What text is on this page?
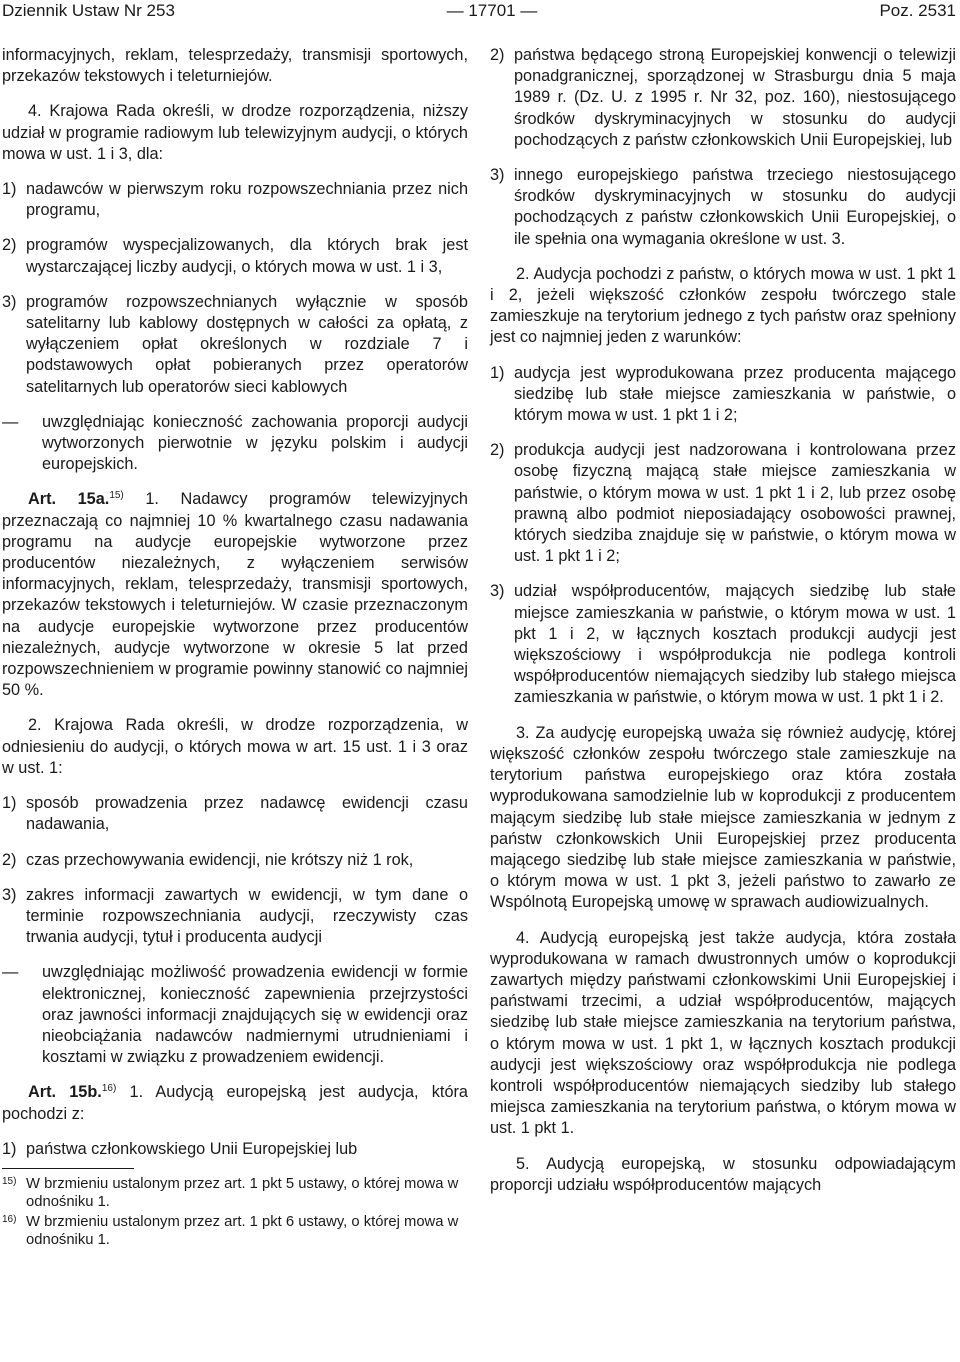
Dziennik Ustaw Nr 253	— 17701 —	Poz. 2531

informacyjnych, reklam, telesprzedaży, transmisji sportowych, przekazów tekstowych i teleturniejów.

4. Krajowa Rada określi, w drodze rozporządzenia, niższy udział w programie radiowym lub telewizyjnym audycji, o których mowa w ust. 1 i 3, dla:

1) nadawców w pierwszym roku rozpowszechniania przez nich programu,
2) programów wyspecjalizowanych, dla których brak jest wystarczającej liczby audycji, o których mowa w ust. 1 i 3,
3) programów rozpowszechnianych wyłącznie w sposób satelitarny lub kablowy dostępnych w całości za opłatą, z wyłączeniem opłat określonych w rozdziale 7 i podstawowych opłat pobieranych przez operatorów satelitarnych lub operatorów sieci kablowych
—	uwzględniając konieczność zachowania proporcji audycji wytworzonych pierwotnie w języku polskim i audycji europejskich.

Art. 15a.$^{15)}$ 1. Nadawcy programów telewizyjnych przeznaczają co najmniej 10 % kwartalnego czasu nadawania programu na audycje europejskie wytworzone przez producentów niezależnych, z wyłączeniem serwisów informacyjnych, reklam, telesprzedaży, transmisji sportowych, przekazów tekstowych i teleturniejów. W czasie przeznaczonym na audycje europejskie wytworzone przez producentów niezależnych, audycje wytworzone w okresie 5 lat przed rozpowszechnieniem w programie powinny stanowić co najmniej 50 %.

2. Krajowa Rada określi, w drodze rozporządzenia, w odniesieniu do audycji, o których mowa w art. 15 ust. 1 i 3 oraz w ust. 1:

1) sposób prowadzenia przez nadawcę ewidencji czasu nadawania,
2) czas przechowywania ewidencji, nie krótszy niż 1 rok,
3) zakres informacji zawartych w ewidencji, w tym dane o terminie rozpowszechniania audycji, rzeczywisty czas trwania audycji, tytuł i producenta audycji
—	uwzględniając możliwość prowadzenia ewidencji w formie elektronicznej, konieczność zapewnienia przejrzystości oraz jawności informacji znajdujących się w ewidencji oraz nieobciążania nadawców nadmiernymi utrudnieniami i kosztami w związku z prowadzeniem ewidencji.

Art. 15b.$^{16)}$ 1. Audycją europejską jest audycja, która pochodzi z:

1) państwa członkowskiego Unii Europejskiej lub
15) W brzmieniu ustalonym przez art. 1 pkt 5 ustawy, o której mowa w odnośniku 1.
16) W brzmieniu ustalonym przez art. 1 pkt 6 ustawy, o której mowa w odnośniku 1.
2) państwa będącego stroną Europejskiej konwencji o telewizji ponadgranicznej, sporządzonej w Strasburgu dnia 5 maja 1989 r. (Dz. U. z 1995 r. Nr 32, poz. 160), niestosującego środków dyskryminacyjnych w stosunku do audycji pochodzących z państw członkowskich Unii Europejskiej, lub
3) innego europejskiego państwa trzeciego niestosującego środków dyskryminacyjnych w stosunku do audycji pochodzących z państw członkowskich Unii Europejskiej, o ile spełnia ona wymagania określone w ust. 3.

2. Audycja pochodzi z państw, o których mowa w ust. 1 pkt 1 i 2, jeżeli większość członków zespołu twórczego stale zamieszkuje na terytorium jednego z tych państw oraz spełniony jest co najmniej jeden z warunków:

1) audycja jest wyprodukowana przez producenta mającego siedzibę lub stałe miejsce zamieszkania w państwie, o którym mowa w ust. 1 pkt 1 i 2;
2) produkcja audycji jest nadzorowana i kontrolowana przez osobę fizyczną mającą stałe miejsce zamieszkania w państwie, o którym mowa w ust. 1 pkt 1 i 2, lub przez osobę prawną albo podmiot nieposiadający osobowości prawnej, których siedziba znajduje się w państwie, o którym mowa w ust. 1 pkt 1 i 2;
3) udział współproducentów, mających siedzibę lub stałe miejsce zamieszkania w państwie, o którym mowa w ust. 1 pkt 1 i 2, w łącznych kosztach produkcji audycji jest większościowy i współprodukcja nie podlega kontroli współproducentów niemających siedziby lub stałego miejsca zamieszkania w państwie, o którym mowa w ust. 1 pkt 1 i 2.

3. Za audycję europejską uważa się również audycję, której większość członków zespołu twórczego stale zamieszkuje na terytorium państwa europejskiego oraz która została wyprodukowana samodzielnie lub w koprodukcji z producentem mającym siedzibę lub stałe miejsce zamieszkania w jednym z państw członkowskich Unii Europejskiej przez producenta mającego siedzibę lub stałe miejsce zamieszkania w państwie, o którym mowa w ust. 1 pkt 3, jeżeli państwo to zawarło ze Wspólnotą Europejską umowę w sprawach audiowizualnych.

4. Audycją europejską jest także audycja, która została wyprodukowana w ramach dwustronnych umów o koprodukcji zawartych między państwami członkowskimi Unii Europejskiej i państwami trzecimi, a udział współproducentów, mających siedzibę lub stałe miejsce zamieszkania na terytorium państwa, o którym mowa w ust. 1 pkt 1, w łącznych kosztach produkcji audycji jest większościowy oraz współprodukcja nie podlega kontroli współproducentów niemających siedziby lub stałego miejsca zamieszkania na terytorium państwa, o którym mowa w ust. 1 pkt 1.

5. Audycją europejską, w stosunku odpowiadającym proporcji udziału współproducentów mających
